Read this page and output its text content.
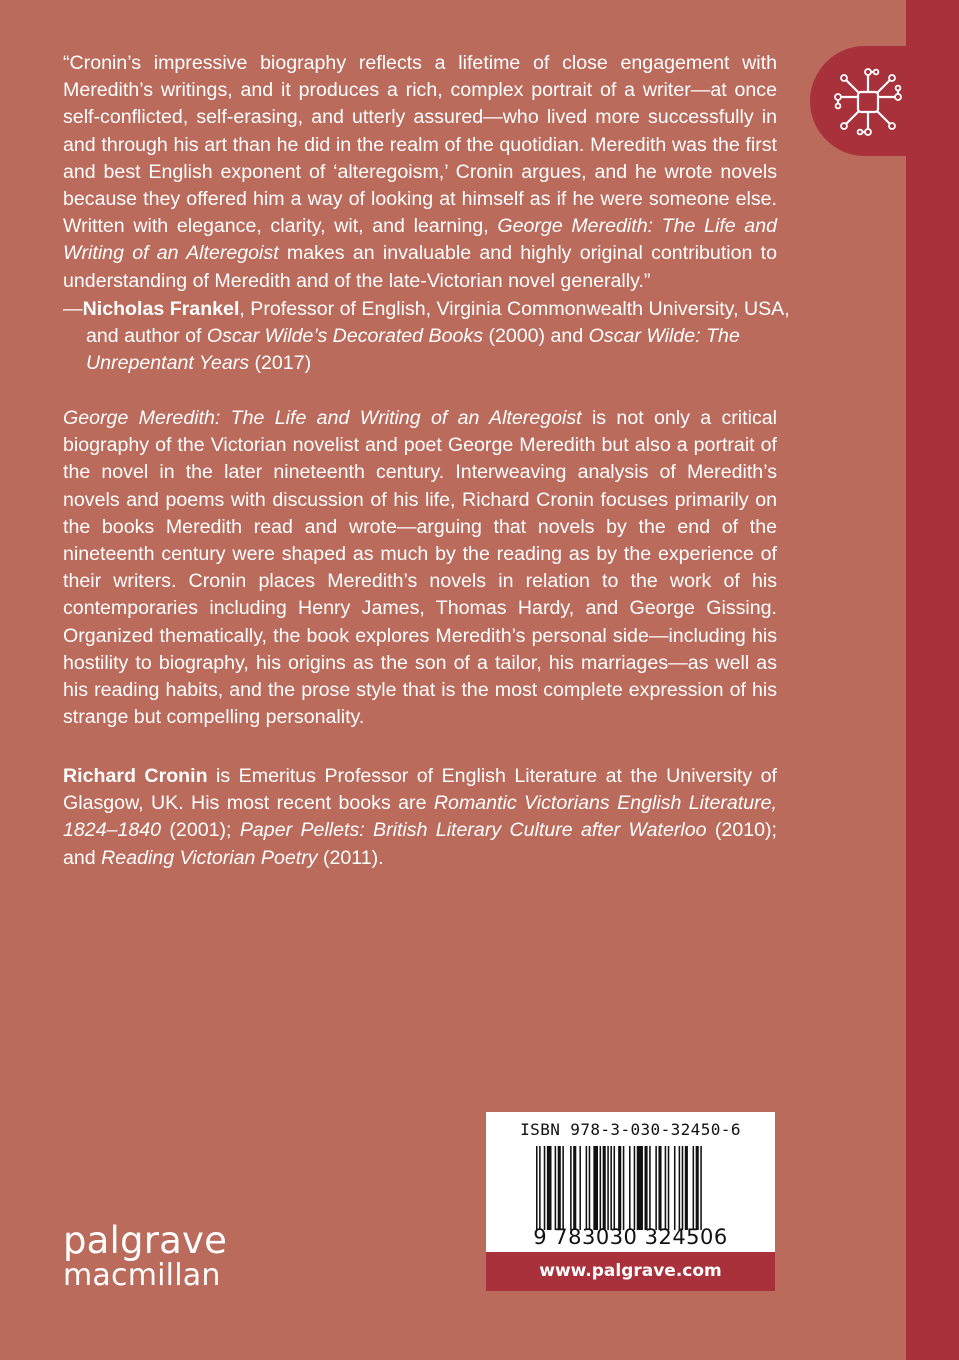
“Cronin’s impressive biography reflects a lifetime of close engagement with Meredith’s writings, and it produces a rich, complex portrait of a writer—at once self-conflicted, self-erasing, and utterly assured—who lived more successfully in and through his art than he did in the realm of the quotidian. Meredith was the first and best English exponent of ‘alteregoism,’ Cronin argues, and he wrote novels because they offered him a way of looking at himself as if he were someone else. Written with elegance, clarity, wit, and learning, George Meredith: The Life and Writing of an Alteregoist makes an invaluable and highly original contribution to understanding of Meredith and of the late-Victorian novel generally.”
—Nicholas Frankel, Professor of English, Virginia Commonwealth University, USA, and author of Oscar Wilde’s Decorated Books (2000) and Oscar Wilde: The Unrepentant Years (2017)
George Meredith: The Life and Writing of an Alteregoist is not only a critical biography of the Victorian novelist and poet George Meredith but also a portrait of the novel in the later nineteenth century. Interweaving analysis of Meredith’s novels and poems with discussion of his life, Richard Cronin focuses primarily on the books Meredith read and wrote—arguing that novels by the end of the nineteenth century were shaped as much by the reading as by the experience of their writers. Cronin places Meredith’s novels in relation to the work of his contemporaries including Henry James, Thomas Hardy, and George Gissing. Organized thematically, the book explores Meredith’s personal side—including his hostility to biography, his origins as the son of a tailor, his marriages—as well as his reading habits, and the prose style that is the most complete expression of his strange but compelling personality.
Richard Cronin is Emeritus Professor of English Literature at the University of Glasgow, UK. His most recent books are Romantic Victorians English Literature, 1824–1840 (2001); Paper Pellets: British Literary Culture after Waterloo (2010); and Reading Victorian Poetry (2011).
ISBN 978-3-030-32450-6
9 783030 324506
www.palgrave.com
palgrave
macmillan
